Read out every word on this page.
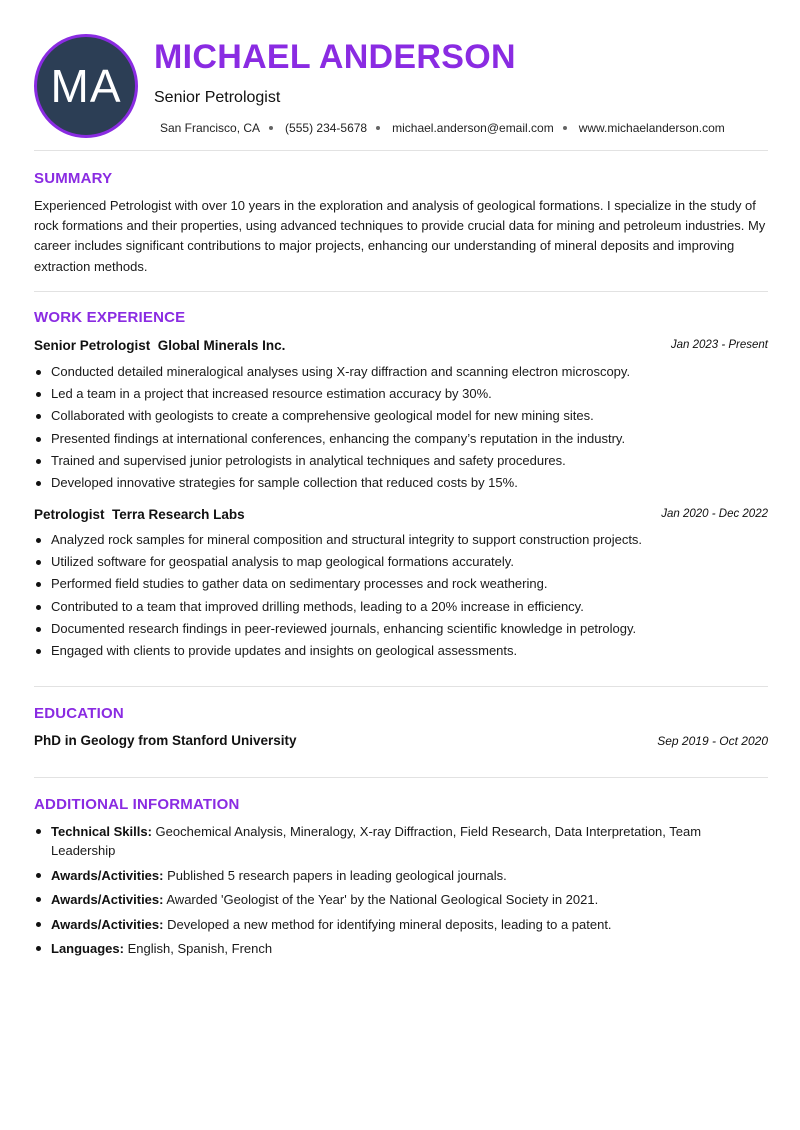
MA
MICHAEL ANDERSON
Senior Petrologist
San Francisco, CA (555) 234-5678 michael.anderson@email.com www.michaelanderson.com
SUMMARY
Experienced Petrologist with over 10 years in the exploration and analysis of geological formations. I specialize in the study of rock formations and their properties, using advanced techniques to provide crucial data for mining and petroleum industries. My career includes significant contributions to major projects, enhancing our understanding of mineral deposits and improving extraction methods.
WORK EXPERIENCE
Senior Petrologist Global Minerals Inc.	Jan 2023 - Present
Conducted detailed mineralogical analyses using X-ray diffraction and scanning electron microscopy.
Led a team in a project that increased resource estimation accuracy by 30%.
Collaborated with geologists to create a comprehensive geological model for new mining sites.
Presented findings at international conferences, enhancing the company’s reputation in the industry.
Trained and supervised junior petrologists in analytical techniques and safety procedures.
Developed innovative strategies for sample collection that reduced costs by 15%.
Petrologist Terra Research Labs	Jan 2020 - Dec 2022
Analyzed rock samples for mineral composition and structural integrity to support construction projects.
Utilized software for geospatial analysis to map geological formations accurately.
Performed field studies to gather data on sedimentary processes and rock weathering.
Contributed to a team that improved drilling methods, leading to a 20% increase in efficiency.
Documented research findings in peer-reviewed journals, enhancing scientific knowledge in petrology.
Engaged with clients to provide updates and insights on geological assessments.
EDUCATION
PhD in Geology from Stanford University	Sep 2019 - Oct 2020
ADDITIONAL INFORMATION
Technical Skills: Geochemical Analysis, Mineralogy, X-ray Diffraction, Field Research, Data Interpretation, Team Leadership
Awards/Activities: Published 5 research papers in leading geological journals.
Awards/Activities: Awarded 'Geologist of the Year' by the National Geological Society in 2021.
Awards/Activities: Developed a new method for identifying mineral deposits, leading to a patent.
Languages: English, Spanish, French
